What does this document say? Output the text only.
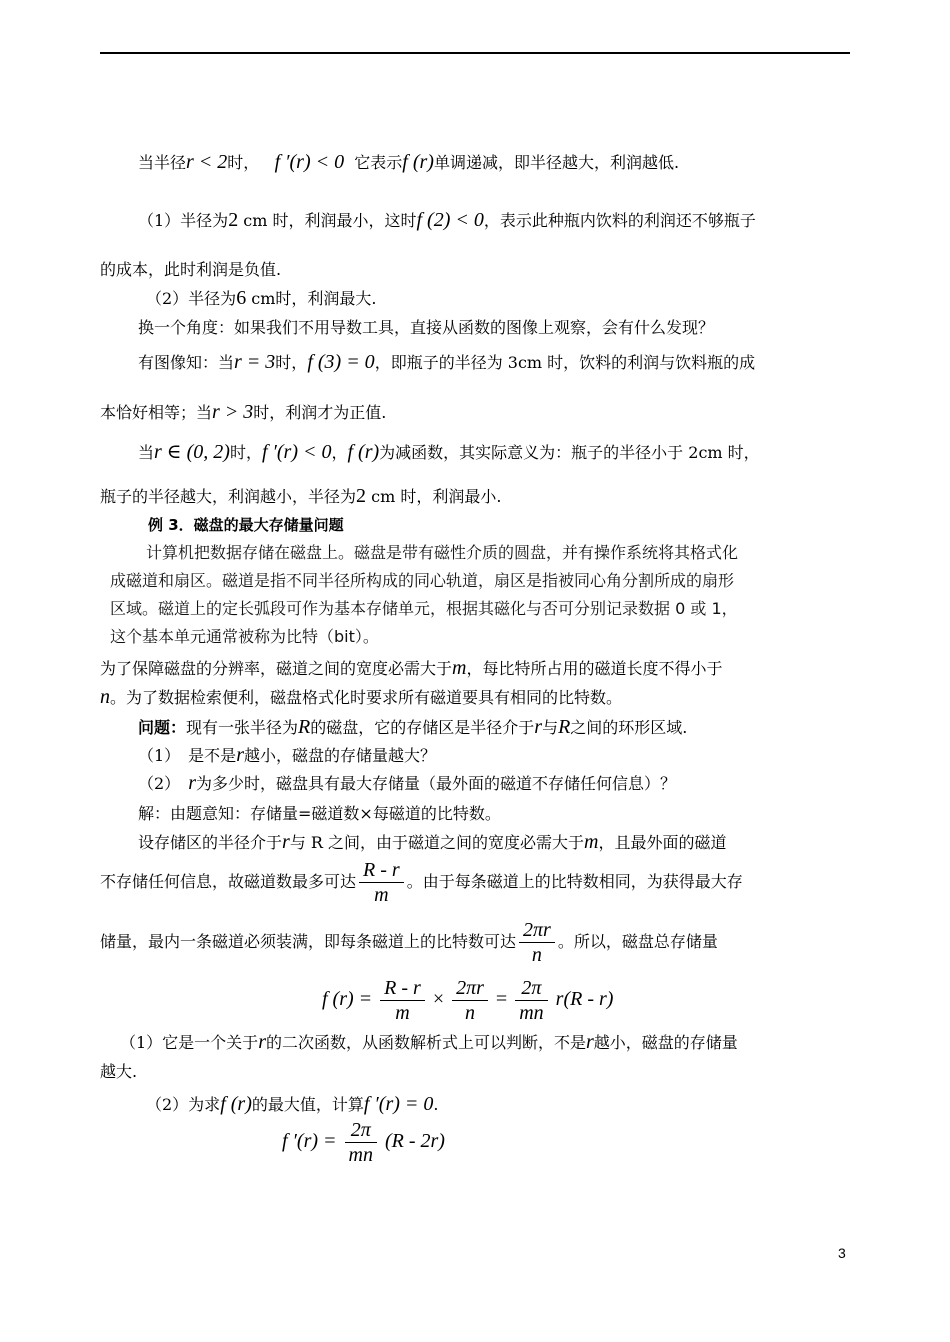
当半径r < 2时， f ′(r) < 0 它表示f (r)单调递减，即半径越大，利润越低.
（1）半径为2 cm 时，利润最小，这时f (2) < 0，表示此种瓶内饮料的利润还不够瓶子
的成本，此时利润是负值.
（2）半径为6 cm时，利润最大.
换一个角度：如果我们不用导数工具，直接从函数的图像上观察，会有什么发现？
有图像知：当r = 3时，f (3) = 0，即瓶子的半径为 3cm 时，饮料的利润与饮料瓶的成
本恰好相等；当r > 3时，利润才为正值.
当r ∈ (0, 2)时，f ′(r) < 0，f (r)为减函数，其实际意义为：瓶子的半径小于 2cm 时，
瓶子的半径越大，利润越小，半径为2 cm 时，利润最小.
例 3．磁盘的最大存储量问题
计算机把数据存储在磁盘上。磁盘是带有磁性介质的圆盘，并有操作系统将其格式化
成磁道和扇区。磁道是指不同半径所构成的同心轨道，扇区是指被同心角分割所成的扇形
区域。磁道上的定长弧段可作为基本存储单元，根据其磁化与否可分别记录数据 0 或 1，
这个基本单元通常被称为比特（bit）。
为了保障磁盘的分辨率，磁道之间的宽度必需大于m，每比特所占用的磁道长度不得小于
n。为了数据检索便利，磁盘格式化时要求所有磁道要具有相同的比特数。
问题：现有一张半径为R的磁盘，它的存储区是半径介于r与R之间的环形区域.
（1）　是不是r越小，磁盘的存储量越大？
（2）　r为多少时，磁盘具有最大存储量（最外面的磁道不存储任何信息）？
解：由题意知：存储量=磁道数×每磁道的比特数。
设存储区的半径介于r与 R 之间，由于磁道之间的宽度必需大于m，且最外面的磁道
不存储任何信息，故磁道数最多可达 $\frac{R - r}{m}$ 。由于每条磁道上的比特数相同，为获得最大存
储量，最内一条磁道必须装满，即每条磁道上的比特数可达 $\frac{2\pi r}{n}$ 。所以，磁盘总存储量
f $(r) = \frac{R - r}{m} \times \frac{2\pi r}{n} = \frac{2\pi}{mn} r(R - r)$
（1）它是一个关于r的二次函数，从函数解析式上可以判断，不是r越小，磁盘的存储量
越大.
（2）为求f (r)的最大值，计算f ′(r) = 0.
f $'(r) = \frac{2\pi}{mn} (R - 2r)$
3
